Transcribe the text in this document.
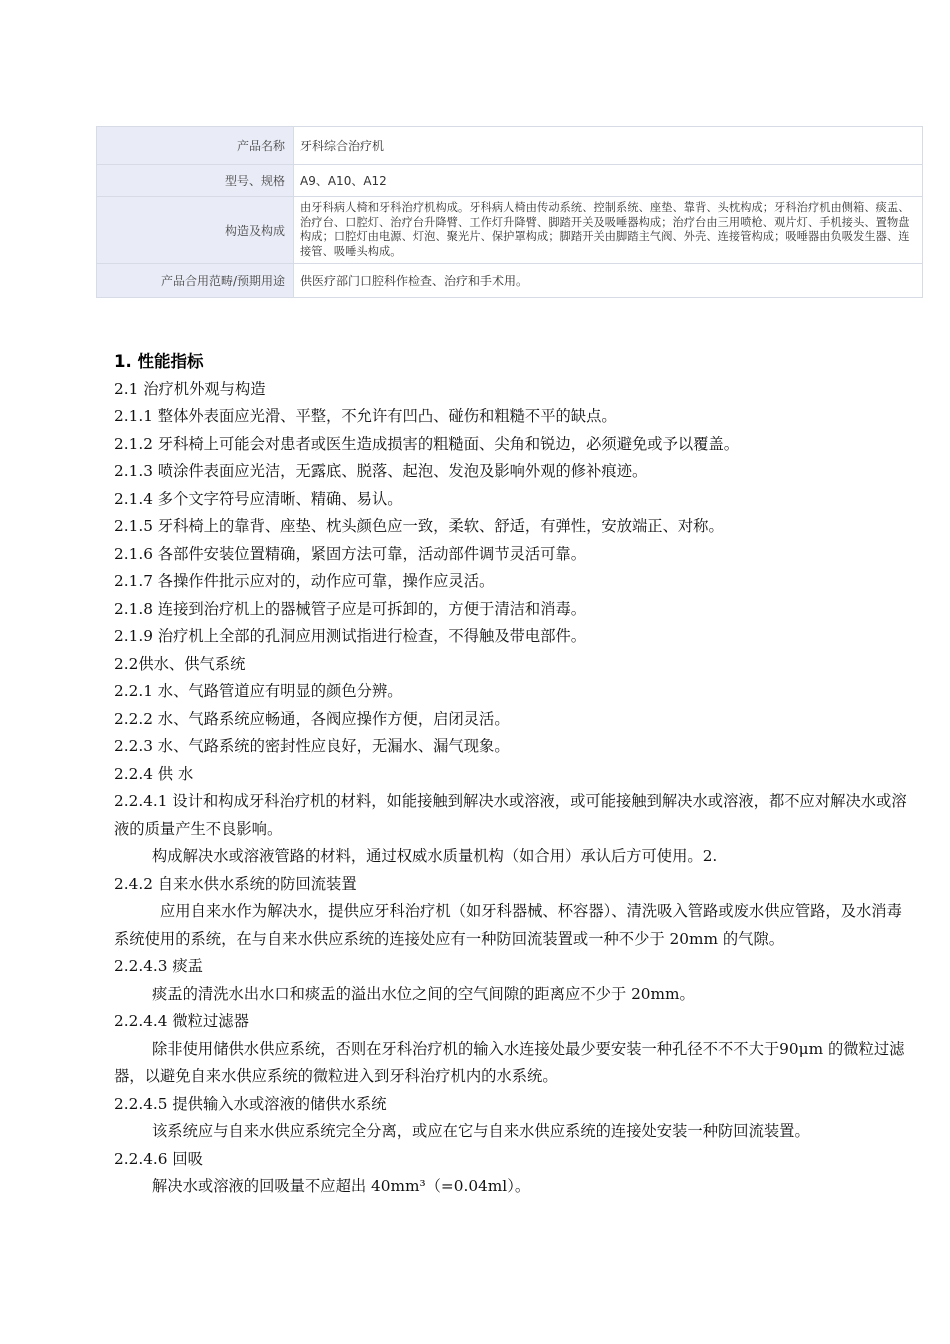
产品名称	牙科综合治疗机
型号、规格	A9、A10、A12
构造及构成	由牙科病人椅和牙科治疗机构成。牙科病人椅由传动系统、控制系统、座垫、靠背、头枕构成；牙科治疗机由侧箱、痰盂、治疗台、口腔灯、治疗台升降臂、工作灯升降臂、脚踏开关及吸唾器构成；治疗台由三用喷枪、观片灯、手机接头、置物盘构成；口腔灯由电源、灯泡、聚光片、保护罩构成；脚踏开关由脚踏主气阀、外壳、连接管构成；吸唾器由负吸发生器、连接管、吸唾头构成。
产品合用范畴/预期用途	供医疗部门口腔科作检查、治疗和手术用。
1. 性能指标

2.1 治疗机外观与构造

2.1.1 整体外表面应光滑、平整，不允许有凹凸、碰伤和粗糙不平的缺点。

2.1.2 牙科椅上可能会对患者或医生造成损害的粗糙面、尖角和锐边，必须避免或予以覆盖。

2.1.3 喷涂件表面应光洁，无露底、脱落、起泡、发泡及影响外观的修补痕迹。

2.1.4 多个文字符号应清晰、精确、易认。

2.1.5 牙科椅上的靠背、座垫、枕头颜色应一致，柔软、舒适，有弹性，安放端正、对称。

2.1.6 各部件安装位置精确，紧固方法可靠，活动部件调节灵活可靠。

2.1.7 各操作件批示应对的，动作应可靠，操作应灵活。

2.1.8 连接到治疗机上的器械管子应是可拆卸的，方便于清洁和消毒。

2.1.9 治疗机上全部的孔洞应用测试指进行检查，不得触及带电部件。

2.2供水、供气系统

2.2.1 水、气路管道应有明显的颜色分辨。

2.2.2 水、气路系统应畅通，各阀应操作方便，启闭灵活。

2.2.3 水、气路系统的密封性应良好，无漏水、漏气现象。

2.2.4 供 水

2.2.4.1 设计和构成牙科治疗机的材料，如能接触到解决水或溶液，或可能接触到解决水或溶液，都不应对解决水或溶液的质量产生不良影响。

构成解决水或溶液管路的材料，通过权威水质量机构（如合用）承认后方可使用。2.

2.4.2 自来水供水系统的防回流装置

应用自来水作为解决水，提供应牙科治疗机（如牙科器械、杯容器）、清洗吸入管路或废水供应管路，及水消毒系统使用的系统，在与自来水供应系统的连接处应有一种防回流装置或一种不少于 20mm 的气隙。

2.2.4.3 痰盂

痰盂的清洗水出水口和痰盂的溢出水位之间的空气间隙的距离应不少于 20mm。

2.2.4.4 微粒过滤器

除非使用储供水供应系统，否则在牙科治疗机的输入水连接处最少要安装一种孔径不不不大于90μm 的微粒过滤器，以避免自来水供应系统的微粒进入到牙科治疗机内的水系统。

2.2.4.5 提供输入水或溶液的储供水系统

该系统应与自来水供应系统完全分离，或应在它与自来水供应系统的连接处安装一种防回流装置。

2.2.4.6 回吸

解决水或溶液的回吸量不应超出 40mm³（=0.04ml）。
